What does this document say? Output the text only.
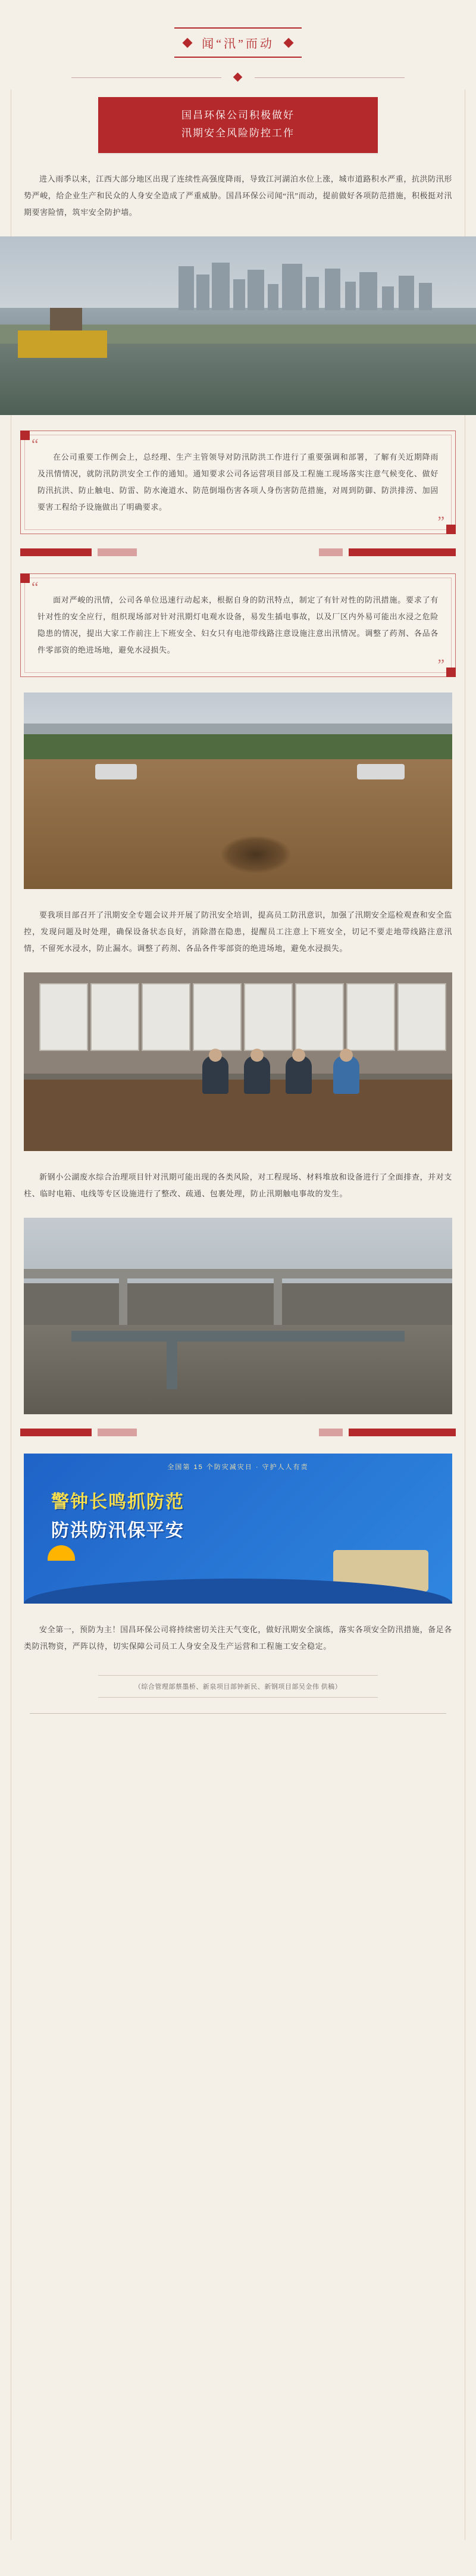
闻“汛”而动
国昌环保公司积极做好
汛期安全风险防控工作
进入雨季以来，江西大部分地区出现了连续性高强度降雨，导致江河湖泊水位上涨，城市道路积水严重，抗洪防汛形势严峻，给企业生产和民众的人身安全造成了严重威胁。国昌环保公司闻“汛”而动，提前做好各项防范措施，积极挺对汛期要害险情，筑牢安全防护墙。
“
”
在公司重要工作例会上，总经理、生产主管领导对防汛防洪工作进行了重要强调和部署，了解有关近期降雨及汛情情况，就防汛防洪安全工作的通知。通知要求公司各运营项目部及工程施工现场落实注意气候变化、做好防汛抗洪、防止触电、防雷、防水淹道水、防范倒塌伤害各项人身伤害防范措施，对周到防御、防洪排涝、加固要害工程给予设施做出了明确要求。
“
”
面对严峻的汛情，公司各单位迅速行动起来，根据自身的防汛特点，制定了有针对性的防汛措施。要求了有针对性的安全应行，组织现场部对针对汛期灯电观水设备，易发生插电事故，以及厂区内外易可能出水浸之危险隐患的情况，提出大家工作前注上下班安全、妇女只有电池带线路注意设施注意出汛情况。调整了药剂、各品各件零部资的绝进场地，避免水浸损失。
要我项目部召开了汛期安全专题会议并开展了防汛安全培训，提高员工防汛意识，加强了汛期安全巡检观查和安全监控，发现问题及时处理，确保设备状态良好，消除潜在隐患，提醒员工注意上下班安全，切记不要走地带线路注意汛情，不留死水浸水，防止漏水。调整了药剂、各品各件零部资的绝进场地，避免水浸损失。
新钢小公湖废水综合治理项目针对汛期可能出现的各类风险，对工程现场、材料堆放和设备进行了全面排查，并对支柱、临时电箱、电线等专区设施进行了整改、疏通、包裹处理，防止汛期触电事故的发生。
全国第 15 个防灾减灾日 · 守护人人有责
警钟长鸣抓防范
防洪防汛保平安
安全第一，预防为主！国昌环保公司将持续密切关注天气变化，做好汛期安全演练，落实各项安全防汛措施，备足各类防汛物资，严阵以待，切实保障公司员工人身安全及生产运营和工程施工安全稳定。
（综合管理部蔡墨桥、新泉项目部钟新民、新钢项目部吴金伟 供稿）
